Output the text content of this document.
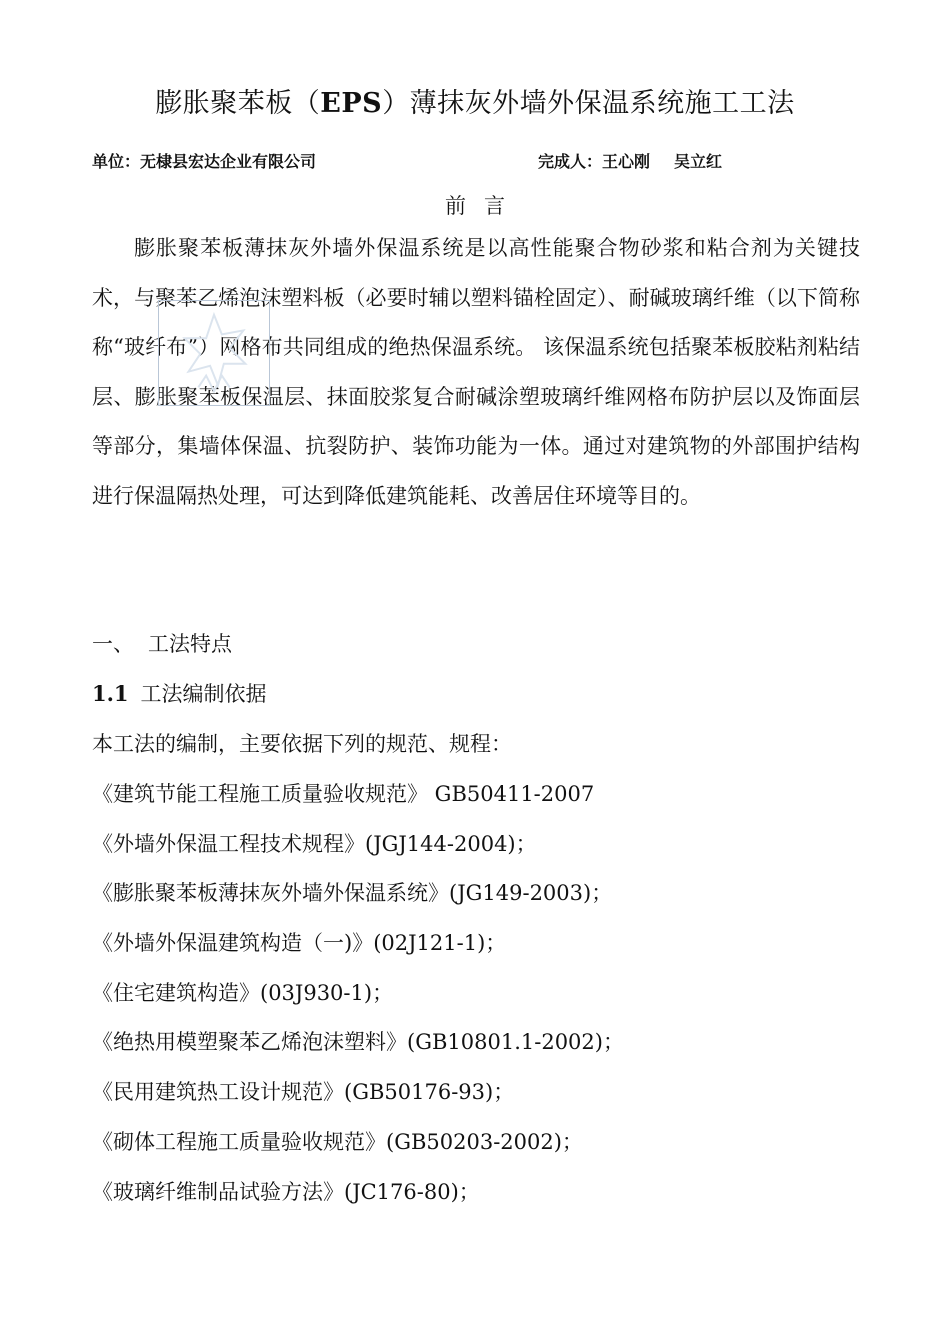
膨胀聚苯板（EPS）薄抹灰外墙外保温系统施工工法
单位：无棣县宏达企业有限公司	完成人：王心刚 吴立红
前言

膨胀聚苯板薄抹灰外墙外保温系统是以高性能聚合物砂浆和粘合剂为关键技术，与聚苯乙烯泡沫塑料板（必要时辅以塑料锚栓固定）、耐碱玻璃纤维（以下简称称“玻纤布”）网格布共同组成的绝热保温系统。 该保温系统包括聚苯板胶粘剂粘结层、膨胀聚苯板保温层、抹面胶浆复合耐碱涂塑玻璃纤维网格布防护层以及饰面层等部分，集墙体保温、抗裂防护、装饰功能为一体。通过对建筑物的外部围护结构进行保温隔热处理，可达到降低建筑能耗、改善居住环境等目的。

一、 工法特点
1.1 工法编制依据
本工法的编制，主要依据下列的规范、规程：
《建筑节能工程施工质量验收规范》 GB50411-2007
《外墙外保温工程技术规程》(JGJ144-2004)；
《膨胀聚苯板薄抹灰外墙外保温系统》(JG149-2003)；
《外墙外保温建筑构造（一)》(02J121-1)；
《住宅建筑构造》(03J930-1)；
《绝热用模塑聚苯乙烯泡沫塑料》(GB10801.1-2002)；
《民用建筑热工设计规范》(GB50176-93)；
《砌体工程施工质量验收规范》(GB50203-2002)；
《玻璃纤维制品试验方法》(JC176-80)；
